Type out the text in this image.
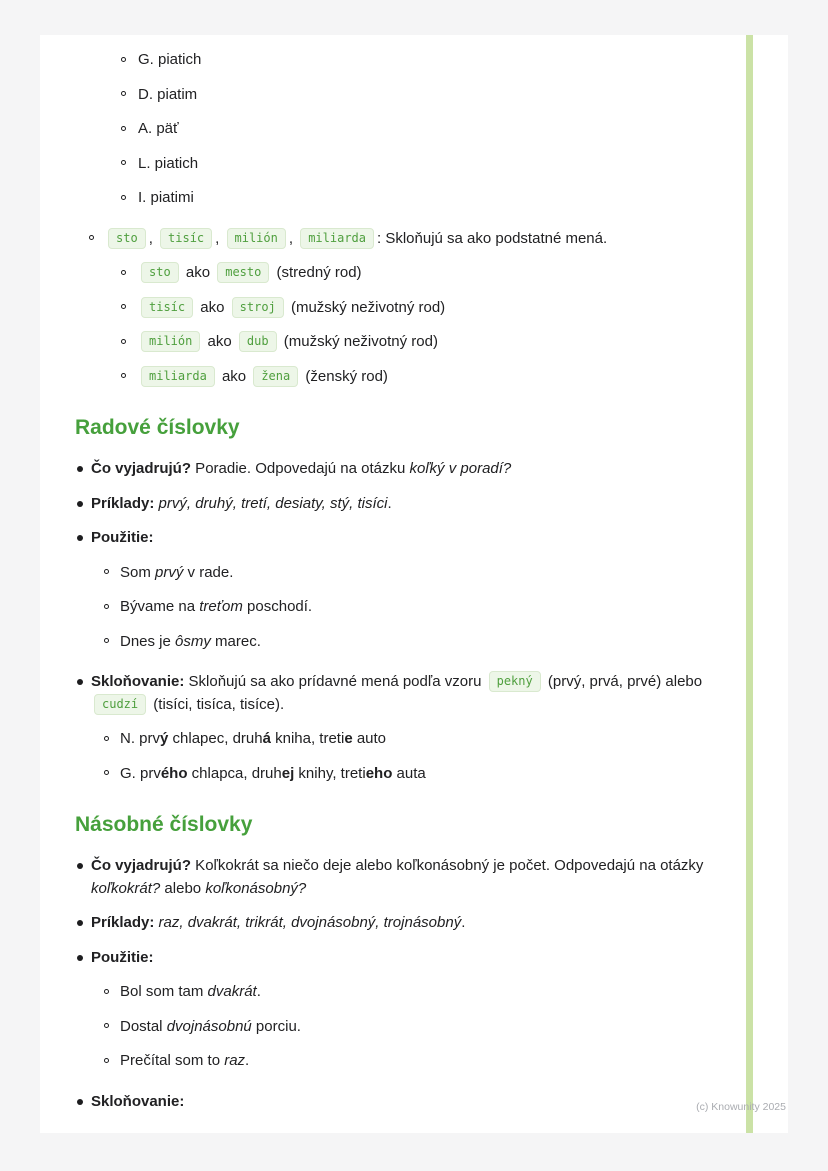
G. piatich
D. piatim
A. päť
L. piatich
I. piatimi
sto , tisíc , milión , miliarda : Skloňujú sa ako podstatné mená.
sto ako mesto (stredný rod)
tisíc ako stroj (mužský neživotný rod)
milión ako dub (mužský neživotný rod)
miliarda ako žena (ženský rod)
Radové číslovky
Čo vyjadrujú? Poradie. Odpovedajú na otázku koľký v poradí?
Príklady: prvý, druhý, tretí, desiaty, stý, tisíci.
Použitie:
Som prvý v rade.
Bývame na treťom poschodí.
Dnes je ôsmy marec.
Skloňovanie: Skloňujú sa ako prídavné mená podľa vzoru pekný (prvý, prvá, prvé) alebo cudzí (tisíci, tisíca, tisíce).
N. prvý chlapec, druhá kniha, tretie auto
G. prvého chlapca, druhej knihy, tretieho auta
Násobné číslovky
Čo vyjadrujú? Koľkokrát sa niečo deje alebo koľkonásobný je počet. Odpovedajú na otázky koľkokrát? alebo koľkonásobný?
Príklady: raz, dvakrát, trikrát, dvojnásobný, trojnásobný.
Použitie:
Bol som tam dvakrát.
Dostal dvojnásobnú porciu.
Prečítal som to raz.
Skloňovanie:	(c) Knowunity 2025
